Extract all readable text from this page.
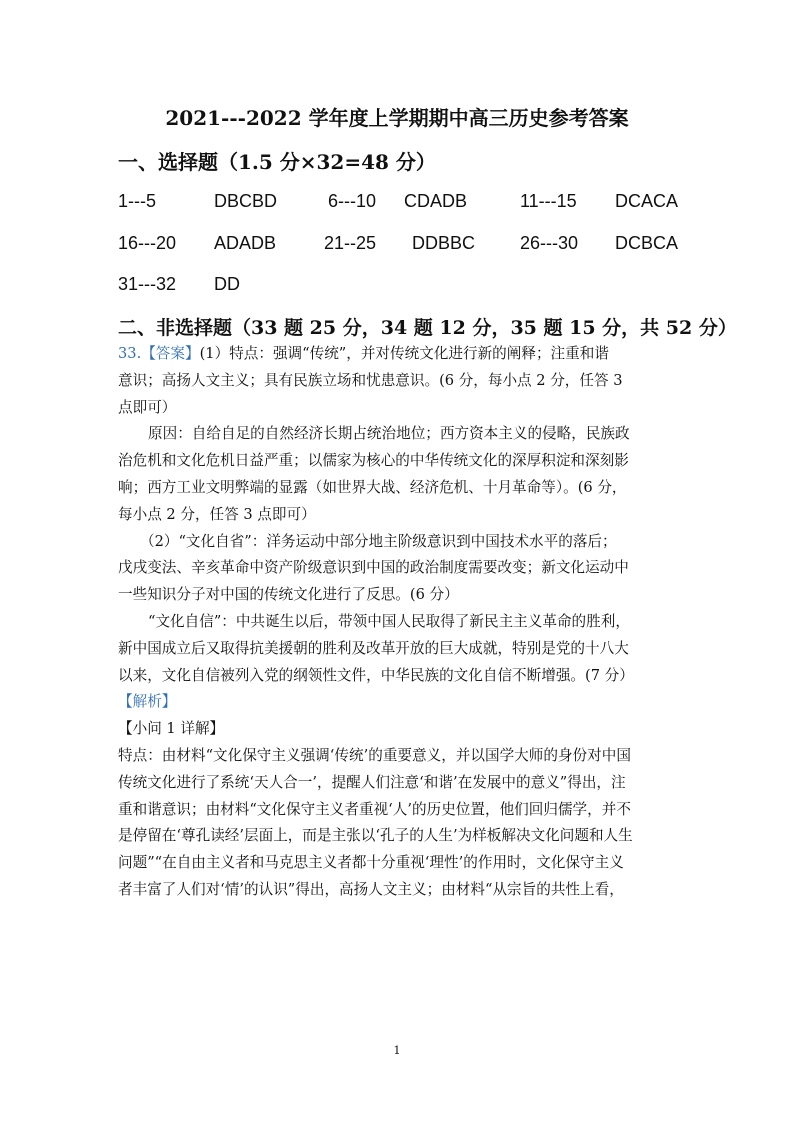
2021---2022 学年度上学期期中高三历史参考答案
一、选择题（1.5 分×32=48 分）
1---5	DBCBD	6---10 CDADB	11---15 DCACA
16---20 ADADB	21--25 DDBBC 26---30 DCBCA
31---32 DD
二、非选择题（33 题 25 分，34 题 12 分，35 题 15 分，共 52 分）
33.【答案】(1）特点：强调“传统”，并对传统文化进行新的阐释；注重和谐
意识；高扬人文主义；具有民族立场和忧患意识。(6 分，每小点 2 分，任答 3
点即可）
原因：自给自足的自然经济长期占统治地位；西方资本主义的侵略，民族政
治危机和文化危机日益严重；以儒家为核心的中华传统文化的深厚积淀和深刻影
响；西方工业文明弊端的显露（如世界大战、经济危机、十月革命等）。(6 分，
每小点 2 分，任答 3 点即可）
（2）“文化自省”：洋务运动中部分地主阶级意识到中国技术水平的落后；
戊戌变法、辛亥革命中资产阶级意识到中国的政治制度需要改变；新文化运动中
一些知识分子对中国的传统文化进行了反思。(6 分）
“文化自信”：中共诞生以后，带领中国人民取得了新民主主义革命的胜利，
新中国成立后又取得抗美援朝的胜利及改革开放的巨大成就，特别是党的十八大
以来，文化自信被列入党的纲领性文件，中华民族的文化自信不断增强。(7 分）
【解析】
【小问 1 详解】
特点：由材料“文化保守主义强调‘传统’的重要意义，并以国学大师的身份对中国
传统文化进行了系统‘天人合一’，提醒人们注意‘和谐’在发展中的意义”得出，注
重和谐意识；由材料“文化保守主义者重视‘人’的历史位置，他们回归儒学，并不
是停留在‘尊孔读经’层面上，而是主张以‘孔子的人生’为样板解决文化问题和人生
问题”“在自由主义者和马克思主义者都十分重视‘理性’的作用时，文化保守主义
者丰富了人们对‘情’的认识”得出，高扬人文主义；由材料“从宗旨的共性上看，
1
